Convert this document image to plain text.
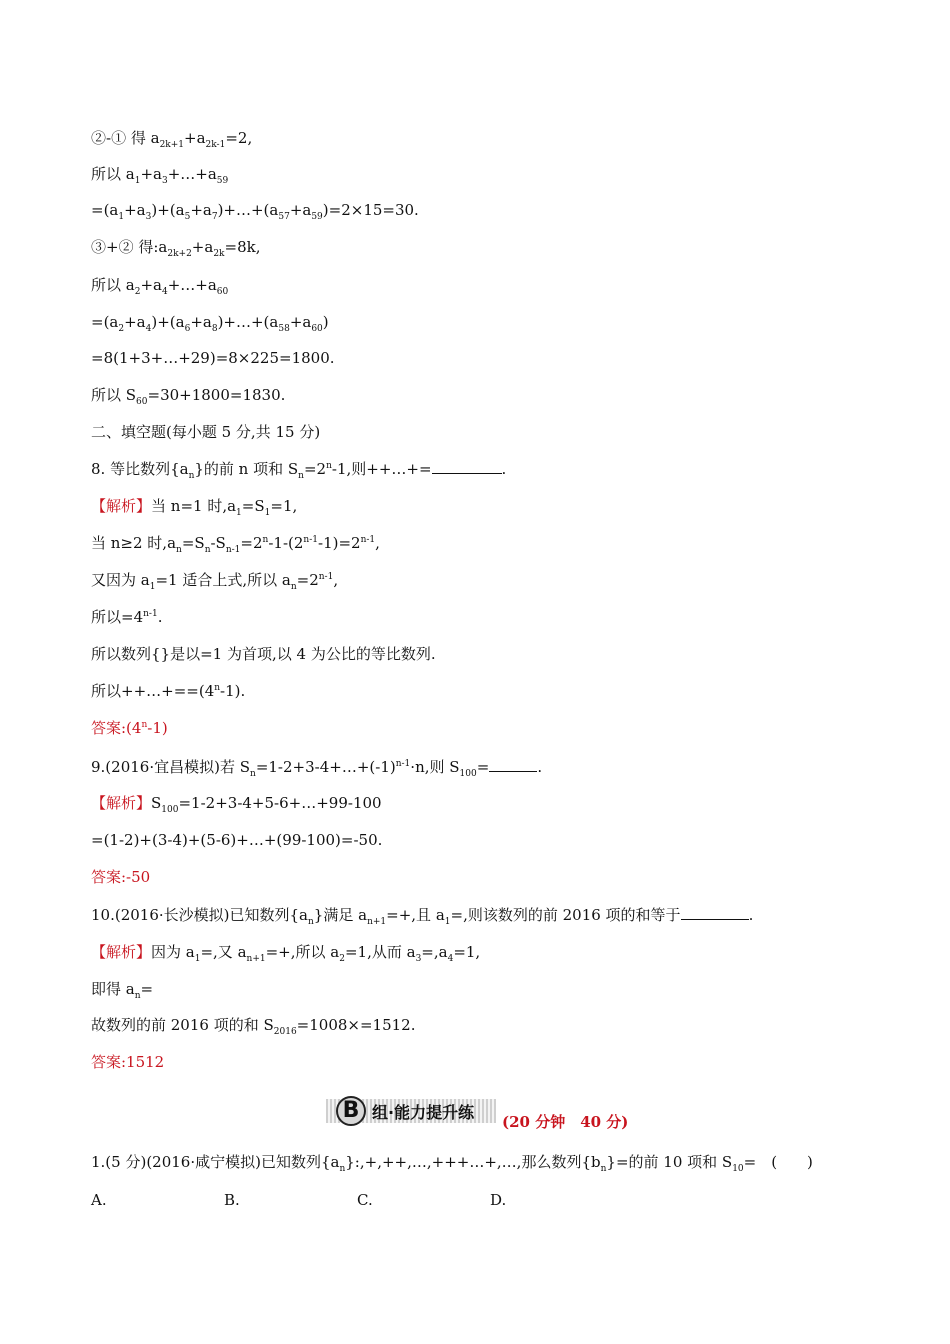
②-① 得 $a_{2k+1}+a_{2k-1}=2$,
所以 $a_1+a_3+\dots+a_{59}$
$=(a_1+a_3)+(a_5+a_7)+\dots+(a_{57}+a_{59})=2\times 15=30$.
③+② 得$:a_{2k+2}+a_{2k}=8k$,
所以 $a_2+a_4+\dots+a_{60}$
$=(a_2+a_4)+(a_6+a_8)+\dots+(a_{58}+a_{60})$
=8(1+3+…+29)=8×225=1800.
所以 $S_{60}=30+1800=1830$.
二、填空题(每小题 5 分,共 15 分)
8. 等比数列$\{a_n\}$的前 n 项和 $S_n=2^n-1$,则++…+=	.
【解析】当 n=1 时$,a_1=S_1=1$,
当 n≥2 时$,a_n=S_n-S_{n-1}=2^n-1-(2^{n-1}-1)=2^{n-1}$,
又因为 $a_1=1$ 适合上式,所以 $a_n=2^{n-1}$,
所以$=4^{n-1}$.
所以数列{}是以=1 为首项,以 4 为公比的等比数列.
所以$++\dots+==(4^n-1)$.
答案:(4$^n$-1)
9.(2016·宜昌模拟)若 $S_n=1-2+3-4+\dots+(-1)^{n-1}\cdot n$,则 $S_{100}=$	.
【解析】$S_{100}=1-2+3-4+5-6+\dots+99-100$
=(1-2)+(3-4)+(5-6)+…+(99-100)=-50.
答案:-50
10.(2016·长沙模拟)已知数列$\{a_n\}$满足 $a_{n+1}=+$,且 $a_1=$,则该数列的前 2016 项的和等于	.
【解析】因为 $a_1=$,又 $a_{n+1}=+$,所以 $a_2=1$,从而 $a_3=,a_4=1$,
即得 $a_n=$
故数列的前 2016 项的和 $S_{2016}=1008\times=1512$.
答案:1512
B 组·能力提升练 (20 分钟　40 分)
1.(5 分)(2016·咸宁模拟)已知数列$\{a_n\}:,+,++,\dots,+++\dots+,\dots$,那么数列$\{b_n\}=$的前 10 项和 $S_{10}=$　(　　)
A.	B.	C.	D.
